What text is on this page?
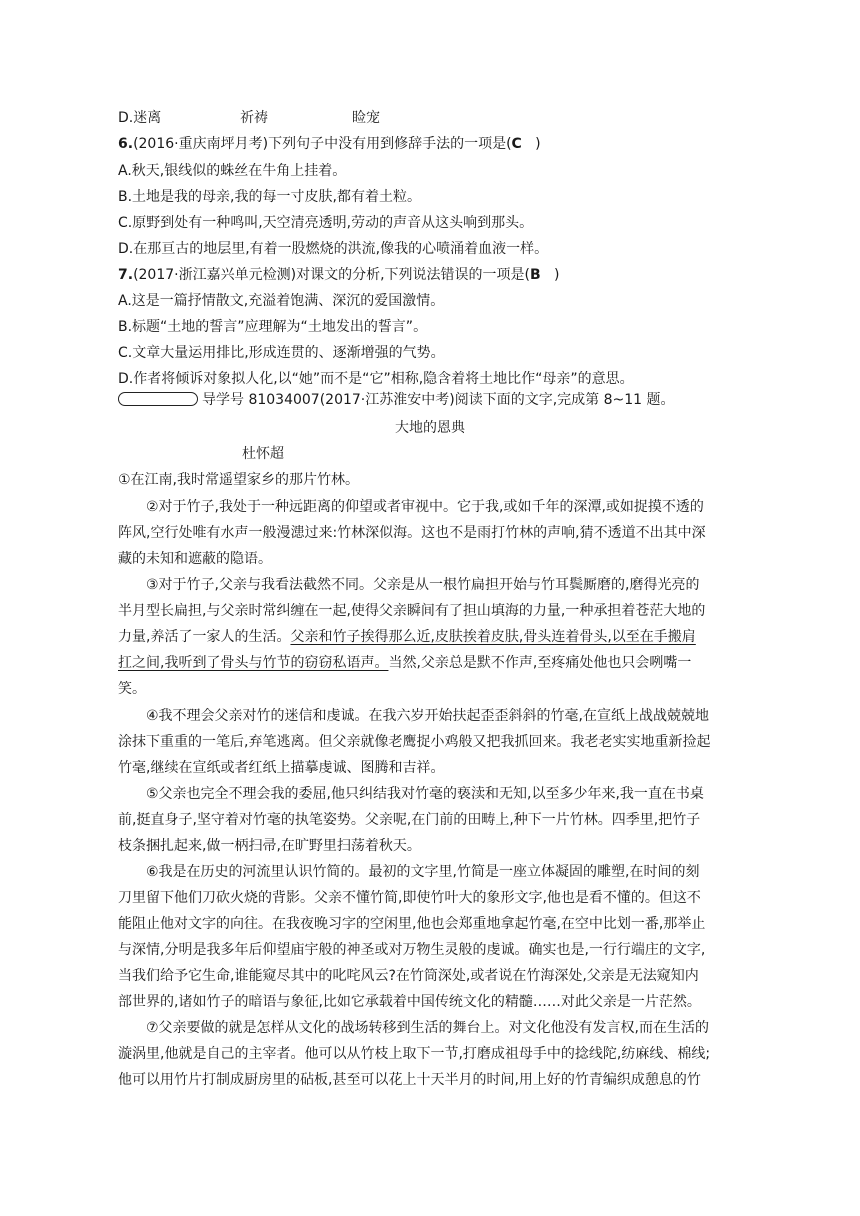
D.迷离	祈祷	睑宠
6.(2016·重庆南坪月考)下列句子中没有用到修辞手法的一项是(C )
A.秋天,银线似的蛛丝在牛角上挂着。
B.土地是我的母亲,我的每一寸皮肤,都有着土粒。
C.原野到处有一种鸣叫,天空清亮透明,劳动的声音从这头响到那头。
D.在那亘古的地层里,有着一股燃烧的洪流,像我的心喷涌着血液一样。
7.(2017·浙江嘉兴单元检测)对课文的分析,下列说法错误的一项是(B )
A.这是一篇抒情散文,充溢着饱满、深沉的爱国激情。
B.标题“土地的誓言”应理解为“土地发出的誓言”。
C.文章大量运用排比,形成连贯的、逐渐增强的气势。
D.作者将倾诉对象拟人化,以“她”而不是“它”相称,隐含着将土地比作“母亲”的意思。
导学号 81034007(2017·江苏淮安中考)阅读下面的文字,完成第 8~11 题。
大地的恩典
杜怀超
①在江南,我时常遥望家乡的那片竹林。
②对于竹子,我处于一种远距离的仰望或者审视中。它于我,或如千年的深潭,或如捉摸不透的
阵风,空行处唯有水声一般漫漶过来:竹林深似海。这也不是雨打竹林的声响,猜不透道不出其中深
藏的未知和遮蔽的隐语。
③对于竹子,父亲与我看法截然不同。父亲是从一根竹扁担开始与竹耳鬓厮磨的,磨得光亮的
半月型长扁担,与父亲时常纠缠在一起,使得父亲瞬间有了担山填海的力量,一种承担着苍茫大地的
力量,养活了一家人的生活。父亲和竹子挨得那么近,皮肤挨着皮肤,骨头连着骨头,以至在手搬肩
扛之间,我听到了骨头与竹节的窃窃私语声。当然,父亲总是默不作声,至疼痛处他也只会咧嘴一
笑。
④我不理会父亲对竹的迷信和虔诚。在我六岁开始扶起歪歪斜斜的竹毫,在宣纸上战战兢兢地
涂抹下重重的一笔后,弃笔逃离。但父亲就像老鹰捉小鸡般又把我抓回来。我老老实实地重新捡起
竹毫,继续在宣纸或者红纸上描摹虔诚、图腾和吉祥。
⑤父亲也完全不理会我的委屈,他只纠结我对竹毫的亵渎和无知,以至多少年来,我一直在书桌
前,挺直身子,坚守着对竹毫的执笔姿势。父亲呢,在门前的田畴上,种下一片竹林。四季里,把竹子
枝条捆扎起来,做一柄扫帚,在旷野里扫荡着秋天。
⑥我是在历史的河流里认识竹简的。最初的文字里,竹简是一座立体凝固的雕塑,在时间的刻
刀里留下他们刀砍火烧的背影。父亲不懂竹简,即使竹叶大的象形文字,他也是看不懂的。但这不
能阻止他对文字的向往。在我夜晚习字的空闲里,他也会郑重地拿起竹毫,在空中比划一番,那举止
与深情,分明是我多年后仰望庙宇般的神圣或对万物生灵般的虔诚。确实也是,一行行端庄的文字,
当我们给予它生命,谁能窥尽其中的叱咤风云?在竹筒深处,或者说在竹海深处,父亲是无法窥知内
部世界的,诸如竹子的暗语与象征,比如它承载着中国传统文化的精髓……对此父亲是一片茫然。
⑦父亲要做的就是怎样从文化的战场转移到生活的舞台上。对文化他没有发言权,而在生活的
漩涡里,他就是自己的主宰者。他可以从竹枝上取下一节,打磨成祖母手中的捻线陀,纺麻线、棉线;
他可以用竹片打制成厨房里的砧板,甚至可以花上十天半月的时间,用上好的竹青编织成憩息的竹
